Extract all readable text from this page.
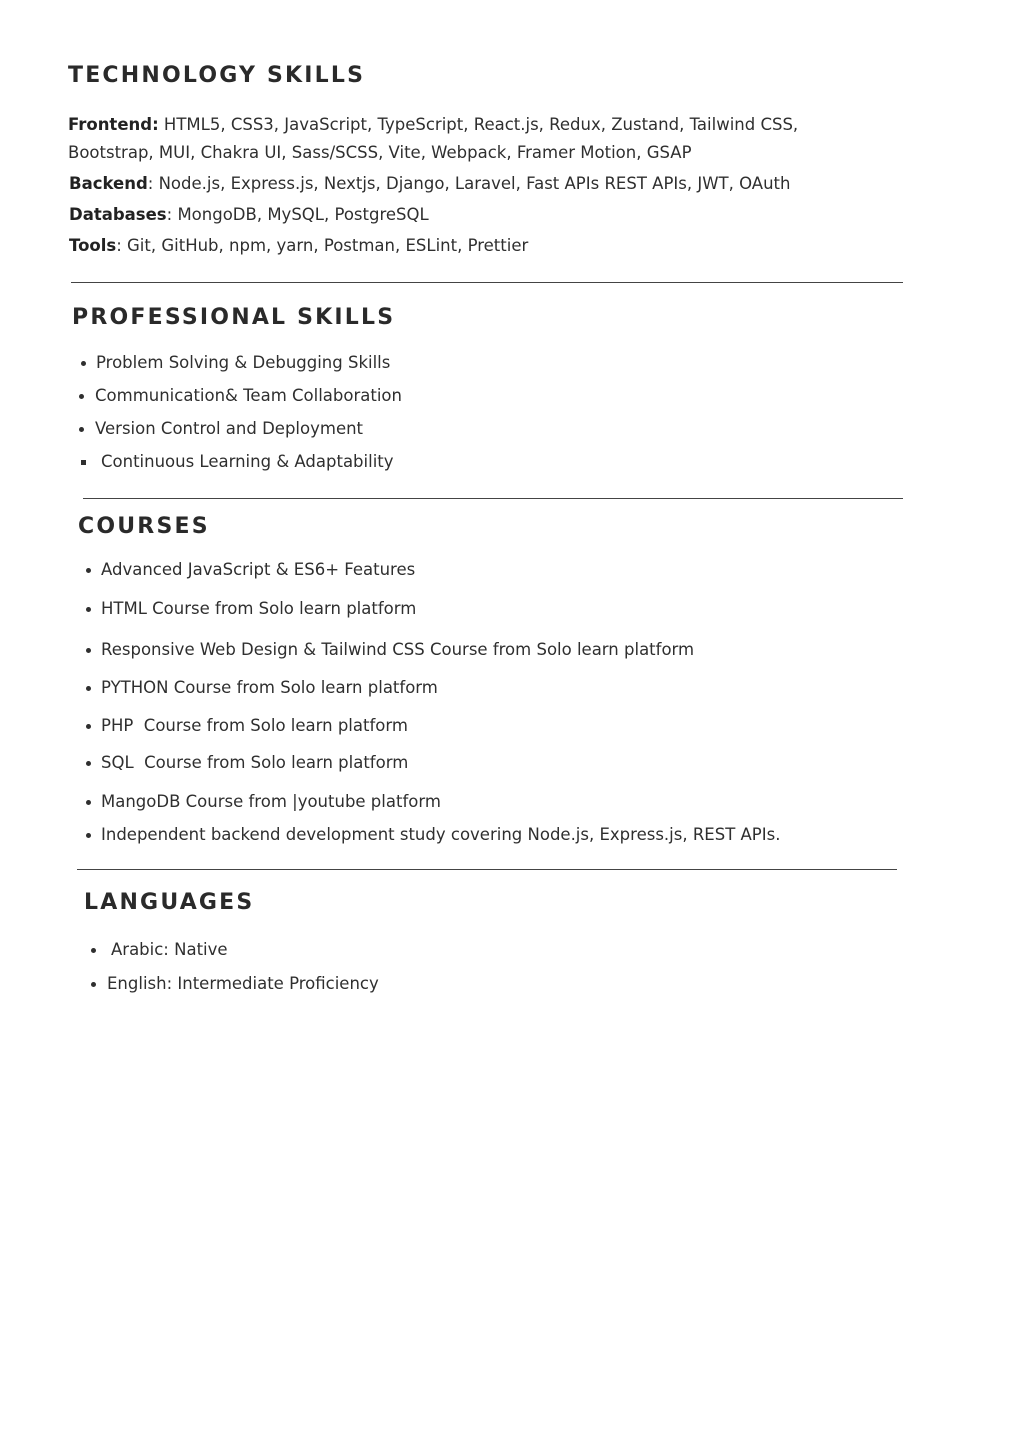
TECHNOLOGY SKILLS

Frontend: HTML5, CSS3, JavaScript, TypeScript, React.js, Redux, Zustand, Tailwind CSS,

Bootstrap, MUI, Chakra UI, Sass/SCSS, Vite, Webpack, Framer Motion, GSAP

Backend: Node.js, Express.js, Nextjs, Django, Laravel, Fast APIs REST APIs, JWT, OAuth

Databases: MongoDB, MySQL, PostgreSQL

Tools: Git, GitHub, npm, yarn, Postman, ESLint, Prettier

PROFESSIONAL SKILLS
Problem Solving & Debugging Skills
Communication& Team Collaboration
Version Control and Deployment
Continuous Learning & Adaptability
COURSES
Advanced JavaScript & ES6+ Features
HTML Course from Solo learn platform
Responsive Web Design & Tailwind CSS Course from Solo learn platform
PYTHON Course from Solo learn platform
PHP  Course from Solo learn platform
SQL  Course from Solo learn platform
MangoDB Course from |youtube platform
Independent backend development study covering Node.js, Express.js, REST APIs.
LANGUAGES
Arabic: Native
English: Intermediate Proficiency
